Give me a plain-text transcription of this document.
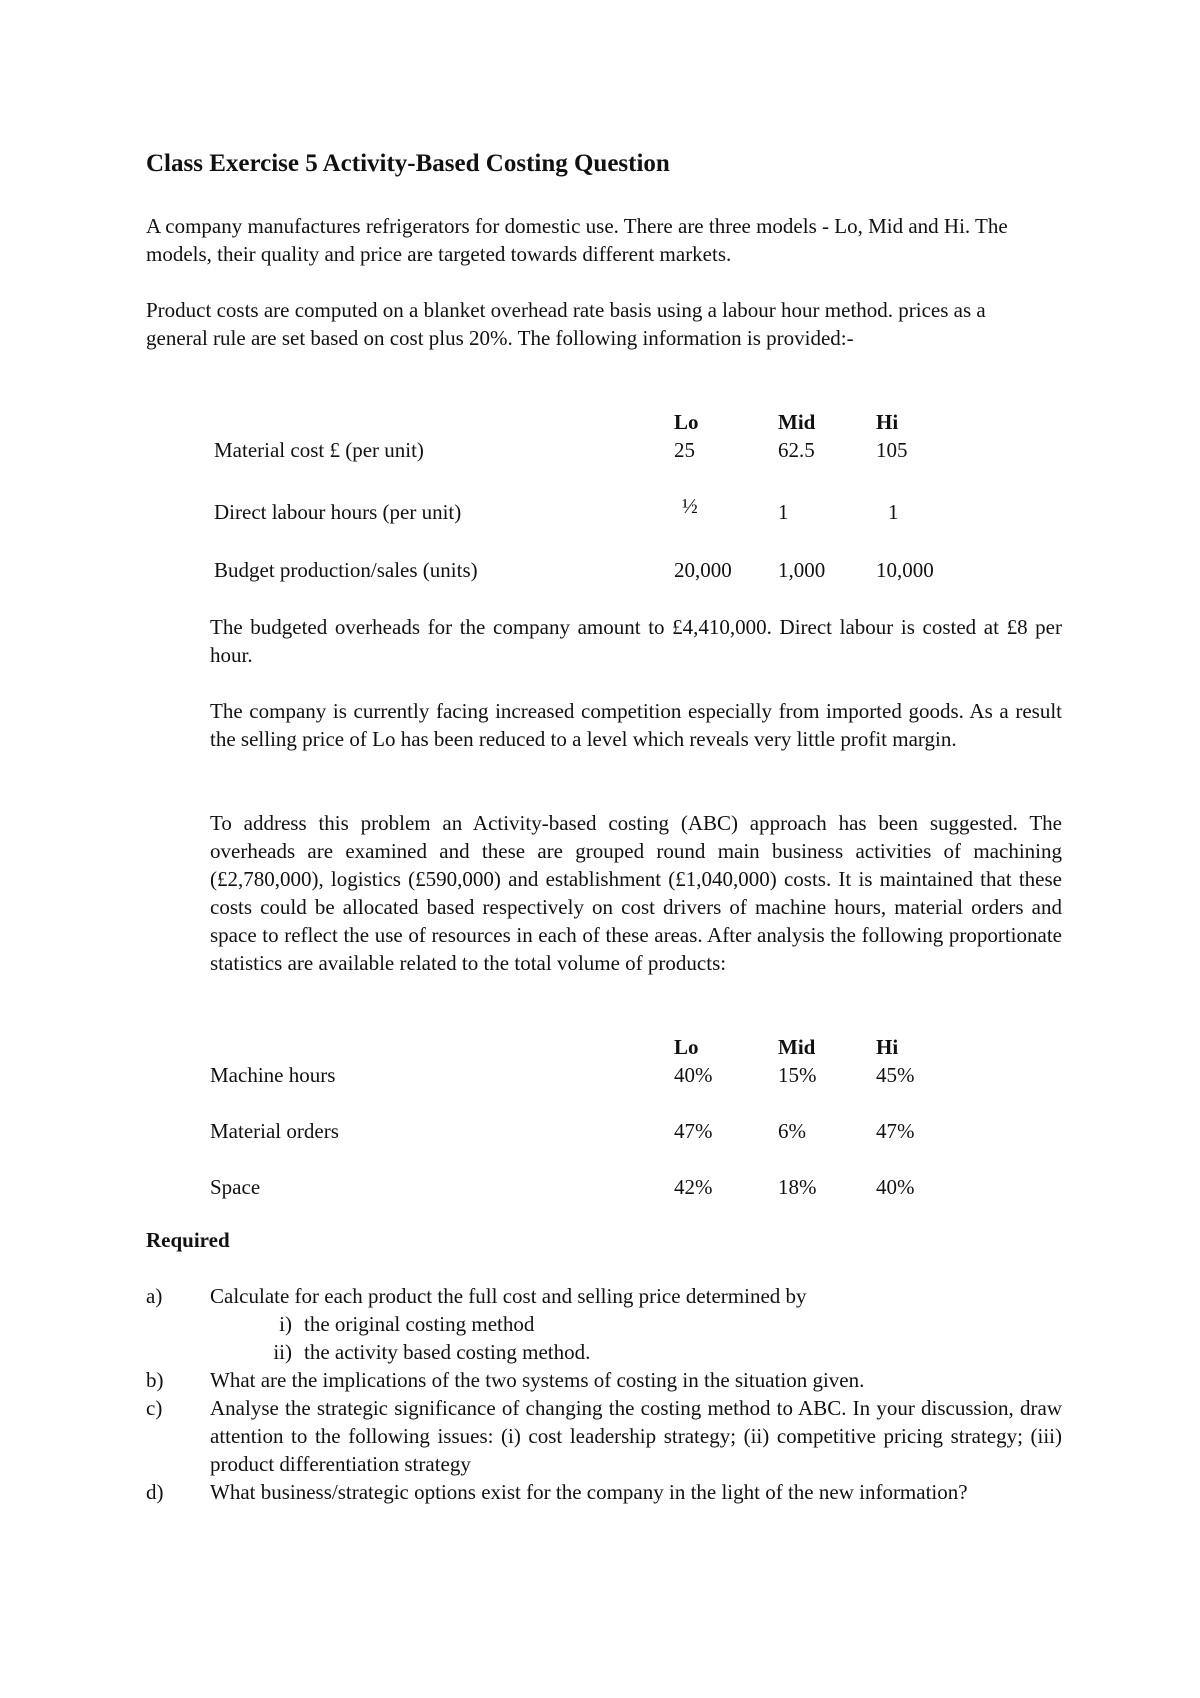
Class Exercise 5 Activity-Based Costing Question

A company manufactures refrigerators for domestic use. There are three models - Lo, Mid and Hi. The models, their quality and price are targeted towards different markets.

Product costs are computed on a blanket overhead rate basis using a labour hour method. prices as a general rule are set based on cost plus 20%. The following information is provided:-

	Lo	Mid	Hi
Material cost £ (per unit)	25	62.5	105
Direct labour hours (per unit)	½	1	1
Budget production/sales (units)	20,000	1,000	10,000

The budgeted overheads for the company amount to £4,410,000. Direct labour is costed at £8 per hour.

The company is currently facing increased competition especially from imported goods. As a result the selling price of Lo has been reduced to a level which reveals very little profit margin.

To address this problem an Activity-based costing (ABC) approach has been suggested. The overheads are examined and these are grouped round main business activities of machining (£2,780,000), logistics (£590,000) and establishment (£1,040,000) costs. It is maintained that these costs could be allocated based respectively on cost drivers of machine hours, material orders and space to reflect the use of resources in each of these areas. After analysis the following proportionate statistics are available related to the total volume of products:

	Lo	Mid	Hi
Machine hours	40%	15%	45%
Material orders	47%	6%	47%
Space	42%	18%	40%

Required

a)	Calculate for each product the full cost and selling price determined by
i) the original costing method
ii) the activity based costing method.
b)	What are the implications of the two systems of costing in the situation given.
c)	Analyse the strategic significance of changing the costing method to ABC. In your discussion, draw attention to the following issues: (i) cost leadership strategy; (ii) competitive pricing strategy; (iii) product differentiation strategy
d)	What business/strategic options exist for the company in the light of the new information?
